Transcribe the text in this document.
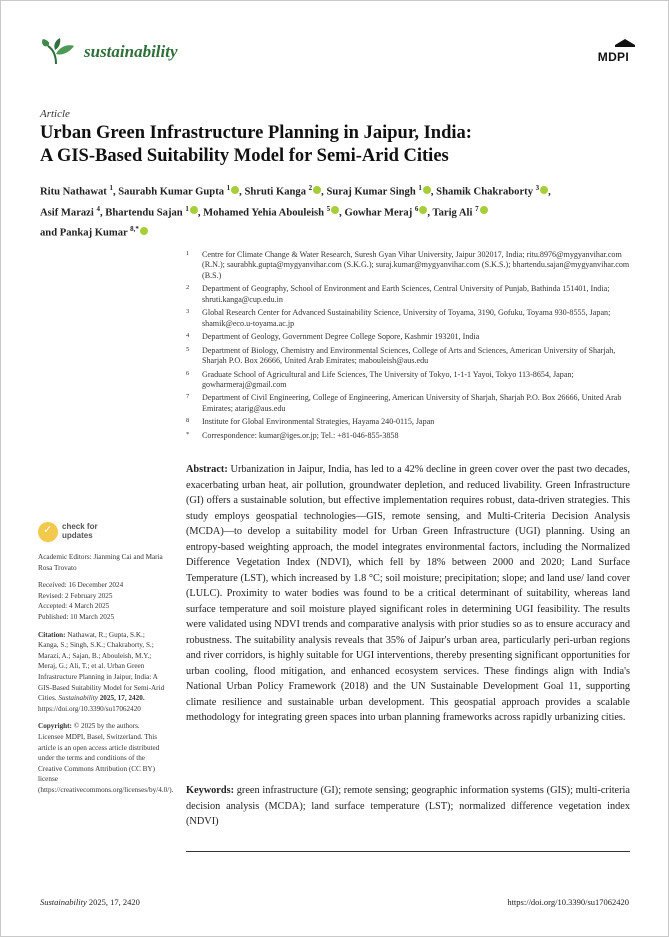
sustainability	MDPI
Article
Urban Green Infrastructure Planning in Jaipur, India:
A GIS-Based Suitability Model for Semi-Arid Cities
Ritu Nathawat $^1$, Saurabh Kumar Gupta $^1$ , Shruti Kanga $^2$ , Suraj Kumar Singh $^1$ , Shamik Chakraborty $^3$ ,
Asif Marazi $^4$, Bhartendu Sajan $^1$ , Mohamed Yehia Abouleish $^5$ , Gowhar Meraj $^6$ , Tarig Ali $^7$
and Pankaj Kumar $^{8,*}$
1 Centre for Climate Change & Water Research, Suresh Gyan Vihar University, Jaipur 302017, India; ritu.8976@mygyanvihar.com (R.N.); saurabhk.gupta@mygyanvihar.com (S.K.G.); suraj.kumar@mygyanvihar.com (S.K.S.); bhartendu.sajan@mygyanvihar.com (B.S.)
2 Department of Geography, School of Environment and Earth Sciences, Central University of Punjab, Bathinda 151401, India; shruti.kanga@cup.edu.in
3 Global Research Center for Advanced Sustainability Science, University of Toyama, 3190, Gofuku, Toyama 930-8555, Japan; shamik@eco.u-toyama.ac.jp
4 Department of Geology, Government Degree College Sopore, Kashmir 193201, India
5 Department of Biology, Chemistry and Environmental Sciences, College of Arts and Sciences, American University of Sharjah, Sharjah P.O. Box 26666, United Arab Emirates; mabouleish@aus.edu
6 Graduate School of Agricultural and Life Sciences, The University of Tokyo, 1-1-1 Yayoi, Tokyo 113-8654, Japan; gowharmeraj@gmail.com
7 Department of Civil Engineering, College of Engineering, American University of Sharjah, Sharjah P.O. Box 26666, United Arab Emirates; atarig@aus.edu
8 Institute for Global Environmental Strategies, Hayama 240-0115, Japan
* Correspondence: kumar@iges.or.jp; Tel.: +81-046-855-3858
✓
check for
updates
Academic Editors: Jianming Cai and Maria Rosa Trovato
Received: 16 December 2024
Revised: 2 February 2025
Accepted: 4 March 2025
Published: 10 March 2025
Citation: Nathawat, R.; Gupta, S.K.; Kanga, S.; Singh, S.K.; Chakraborty, S.; Marazi, A.; Sajan, B.; Abouleish, M.Y.; Meraj, G.; Ali, T.; et al. Urban Green Infrastructure Planning in Jaipur, India: A GIS-Based Suitability Model for Semi-Arid Cities. Sustainability 2025, 17, 2420. https://doi.org/10.3390/su17062420
Copyright: © 2025 by the authors. Licensee MDPI, Basel, Switzerland. This article is an open access article distributed under the terms and conditions of the Creative Commons Attribution (CC BY) license (https://creativecommons.org/licenses/by/4.0/).
Abstract: Urbanization in Jaipur, India, has led to a 42% decline in green cover over the past two decades, exacerbating urban heat, air pollution, groundwater depletion, and reduced livability. Green Infrastructure (GI) offers a sustainable solution, but effective implementation requires robust, data-driven strategies. This study employs geospatial technologies—GIS, remote sensing, and Multi-Criteria Decision Analysis (MCDA)—to develop a suitability model for Urban Green Infrastructure (UGI) planning. Using an entropy-based weighting approach, the model integrates environmental factors, including the Normalized Difference Vegetation Index (NDVI), which fell by 18% between 2000 and 2020; Land Surface Temperature (LST), which increased by 1.8 °C; soil moisture; precipitation; slope; and land use/ land cover (LULC). Proximity to water bodies was found to be a critical determinant of suitability, whereas land surface temperature and soil moisture played significant roles in determining UGI feasibility. The results were validated using NDVI trends and comparative analysis with prior studies so as to ensure accuracy and robustness. The suitability analysis reveals that 35% of Jaipur's urban area, particularly peri-urban regions and river corridors, is highly suitable for UGI interventions, thereby presenting significant opportunities for urban cooling, flood mitigation, and enhanced ecosystem services. These findings align with India's National Urban Policy Framework (2018) and the UN Sustainable Development Goal 11, supporting climate resilience and sustainable urban development. This geospatial approach provides a scalable methodology for integrating green spaces into urban planning frameworks across rapidly urbanizing cities.
Keywords: green infrastructure (GI); remote sensing; geographic information systems (GIS); multi-criteria decision analysis (MCDA); land surface temperature (LST); normalized difference vegetation index (NDVI)
Sustainability 2025, 17, 2420	https://doi.org/10.3390/su17062420
